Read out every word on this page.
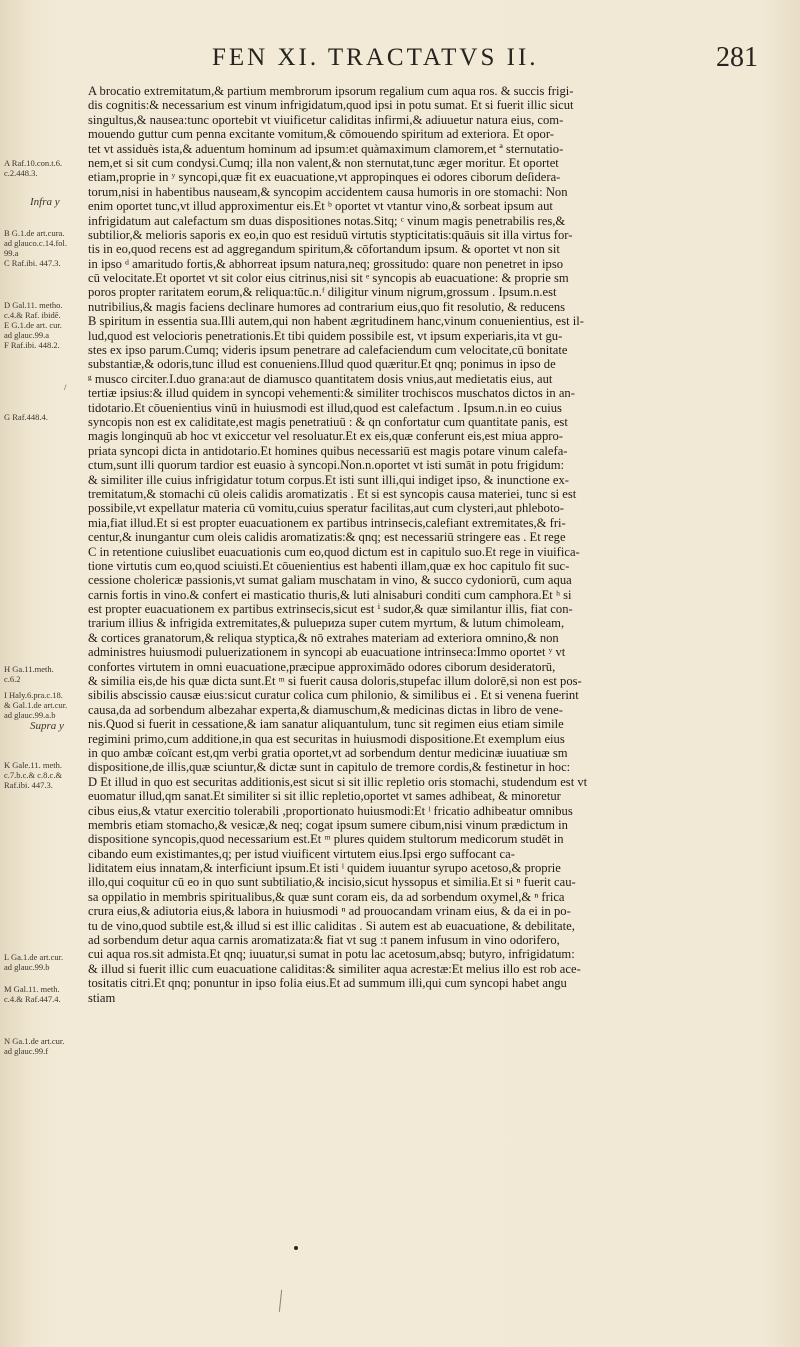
FEN XI. TRACTATVS II.	281
A Raf.10.con.t.6.
c.2.448.3.
Infra y
B G.1.de art.cura.
ad glauco.c.14.fol.
99.a
C Raf.ibi. 447.3.
D Gal.11. metho.
c.4.& Raf. ibidē.
E G.1.de art. cur.
ad glauc.99.a
F Raf.ibi. 448.2.
/
G Raf.448.4.
H Ga.11.meth.
c.6.2
I Haly.6.pra.c.18.
& Gal.1.de art.cur.
ad glauc.99.a.b
Supra y
K Gale.11. meth.
c.7.b.c.& c.8.c.&
Raf.ibi. 447.3.
L Ga.1.de art.cur.
ad glauc.99.b
M Gal.11. meth.
c.4.& Raf.447.4.
N Ga.1.de art.cur.
ad glauc.99.f
A brocatio extremitatum,& partium membrorum ipsorum regalium cum aqua ros. & succis frigi-
dis cognitis:& necessarium est vinum infrigidatum,quod ipsi in potu sumat. Et si fuerit illic sicut
singultus,& nausea:tunc oportebit vt viuificetur caliditas infirmi,& adiuuetur natura eius, com-
mouendo guttur cum penna excitante vomitum,& cōmouendo spiritum ad exteriora. Et opor-
tet vt assiduès ista,& aduentum hominum ad ipsum:et quàmaximum clamorem,et ª sternutatio-
nem,et si sit cum condysi.Cumq; illa non valent,& non sternutat,tunc æger moritur. Et oportet
etiam,proprie in ʸ syncopi,quæ fit ex euacuatione,vt appropinques ei odores ciborum deſidera-
torum,nisi in habentibus nauseam,& syncopim accidentem causa humoris in ore stomachi: Non
enim oportet tunc,vt illud approximentur eis.Et ᵇ oportet vt vtantur vino,& sorbeat ipsum aut
infrigidatum aut calefactum sm duas dispositiones notas.Sitq; ᶜ vinum magis penetrabilis res,&
subtilior,& melioris saporis ex eo,in quo est residuū virtutis stypticitatis:quāuis sit illa virtus for-
tis in eo,quod recens est ad aggregandum spiritum,& cōfortandum ipsum. & oportet vt non sit
in ipso ᵈ amaritudo fortis,& abhorreat ipsum natura,neq; grossitudo: quare non penetret in ipso
cū velocitate.Et oportet vt sit color eius citrinus,nisi sit ᵉ syncopis ab euacuatione: & proprie sm
poros propter raritatem eorum,& reliqua:tūc.n.ᶠ diligitur vinum nigrum,grossum . Ipsum.n.est
nutribilius,& magis faciens declinare humores ad contrarium eius,quo fit resolutio, & reducens
B spiritum in essentia sua.Illi autem,qui non habent ægritudinem hanc,vinum conuenientius, est il-
lud,quod est velocioris penetrationis.Et tibi quidem possibile est, vt ipsum experiaris,ita vt gu-
stes ex ipso parum.Cumq; videris ipsum penetrare ad calefaciendum cum velocitate,cū bonitate
substantiæ,& odoris,tunc illud est conueniens.Illud quod quæritur.Et qnq; ponimus in ipso de
ᵍ musco circiter.I.duo grana:aut de diamusco quantitatem dosis vnius,aut medietatis eius, aut
tertiæ ipsius:& illud quidem in syncopi vehementi:& similiter trochiscos muschatos dictos in an-
tidotario.Et cōuenientius vinū in huiusmodi est illud,quod est calefactum . Ipsum.n.in eo cuius
syncopis non est ex caliditate,est magis penetratiuū : & qn confortatur cum quantitate panis, est
magis longinquū ab hoc vt exiccetur vel resoluatur.Et ex eis,quæ conferunt eis,est miua appro-
priata syncopi dicta in antidotario.Et homines quibus necessariū est magis potare vinum calefa-
ctum,sunt illi quorum tardior est euasio à syncopi.Non.n.oportet vt isti sumāt in potu frigidum:
& similiter ille cuius infrigidatur totum corpus.Et isti sunt illi,qui indiget ipso, & inunctione ex-
tremitatum,& stomachi cū oleis calidis aromatizatis . Et si est syncopis causa materiei, tunc si est
possibile,vt expellatur materia cū vomitu,cuius speratur facilitas,aut cum clysteri,aut phleboto-
mia,fiat illud.Et si est propter euacuationem ex partibus intrinsecis,calefiant extremitates,& fri-
centur,& inungantur cum oleis calidis aromatizatis:& qnq; est necessariū stringere eas . Et rege
C in retentione cuiuslibet euacuationis cum eo,quod dictum est in capitulo suo.Et rege in viuifica-
tione virtutis cum eo,quod sciuisti.Et cōuenientius est habenti illam,quæ ex hoc capitulo fit suc-
cessione cholericæ passionis,vt sumat galiam muschatam in vino, & succo cydoniorū, cum aqua
carnis fortis in vino.& confert ei masticatio thuris,& luti alnisaburi conditi cum camphora.Et ʰ si
est propter euacuationem ex partibus extrinsecis,sicut est ⁱ sudor,& quæ similantur illis, fiat con-
trarium illius & infrigida extremitates,& puluериza super cutem myrtum, & lutum chimoleam,
& cortices granatorum,& reliqua styptica,& nō extrahes materiam ad exteriora omnino,& non
administres huiusmodi puluerizationem in syncopi ab euacuatione intrinseca:Immo oportet ʸ vt
confortes virtutem in omni euacuatione,præcipue approximādo odores ciborum desideratorū,
& similia eis,de his quæ dicta sunt.Et ᵐ si fuerit causa doloris,stupefac illum dolorē,si non est pos-
sibilis abscissio causæ eius:sicut curatur colica cum philonio, & similibus ei . Et si venena fuerint
causa,da ad sorbendum albezahar experta,& diamuschum,& medicinas dictas in libro de vene-
nis.Quod si fuerit in cessatione,& iam sanatur aliquantulum, tunc sit regimen eius etiam simile
regimini primo,cum additione,in qua est securitas in huiusmodi dispositione.Et exemplum eius
in quo ambæ coïcant est,qm verbi gratia oportet,vt ad sorbendum dentur medicinæ iuuatiuæ sm
dispositione,de illis,quæ sciuntur,& dictæ sunt in capitulo de tremore cordis,& festinetur in hoc:
D Et illud in quo est securitas additionis,est sicut si sit illic repletio oris stomachi, studendum est vt
euomatur illud,qm sanat.Et similiter si sit illic repletio,oportet vt sames adhibeat, & minoretur
cibus eius,& vtatur exercitio tolerabili ,proportionato huiusmodi:Et ˡ fricatio adhibeatur omnibus
membris etiam stomacho,& vesicæ,& neq; cogat ipsum sumere cibum,nisi vinum prædictum in
dispositione syncopis,quod necessarium est.Et ᵐ plures quidem stultorum medicorum studēt in
cibando eum existimantes,q; per istud viuificent virtutem eius.Ipsi ergo suffocant ca-
liditatem eius innatam,& interficiunt ipsum.Et isti ˡ quidem iuuantur syrupo acetoso,& proprie
illo,qui coquitur cū eo in quo sunt subtiliatio,& incisio,sicut hyssopus et similia.Et si ⁿ fuerit cau-
sa oppilatio in membris spiritualibus,& quæ sunt coram eis, da ad sorbendum oxymel,& ⁿ frica
crura eius,& adiutoria eius,& labora in huiusmodi ⁿ ad prouocandam vrinam eius, & da ei in po-
tu de vino,quod subtile est,& illud si est illic caliditas . Si autem est ab euacuatione, & debilitate,
ad sorbendum detur aqua carnis aromatizata:& fiat vt sug :t panem infusum in vino odorifero,
cui aqua ros.sit admista.Et qnq; iuuatur,si sumat in potu lac acetosum,absq; butyro, infrigidatum:
& illud si fuerit illic cum euacuatione caliditas:& similiter aqua acrestæ:Et melius illo est rob ace-
tositatis citri.Et qnq; ponuntur in ipso folia eius.Et ad summum illi,qui cum syncopi habet angu
stiam
